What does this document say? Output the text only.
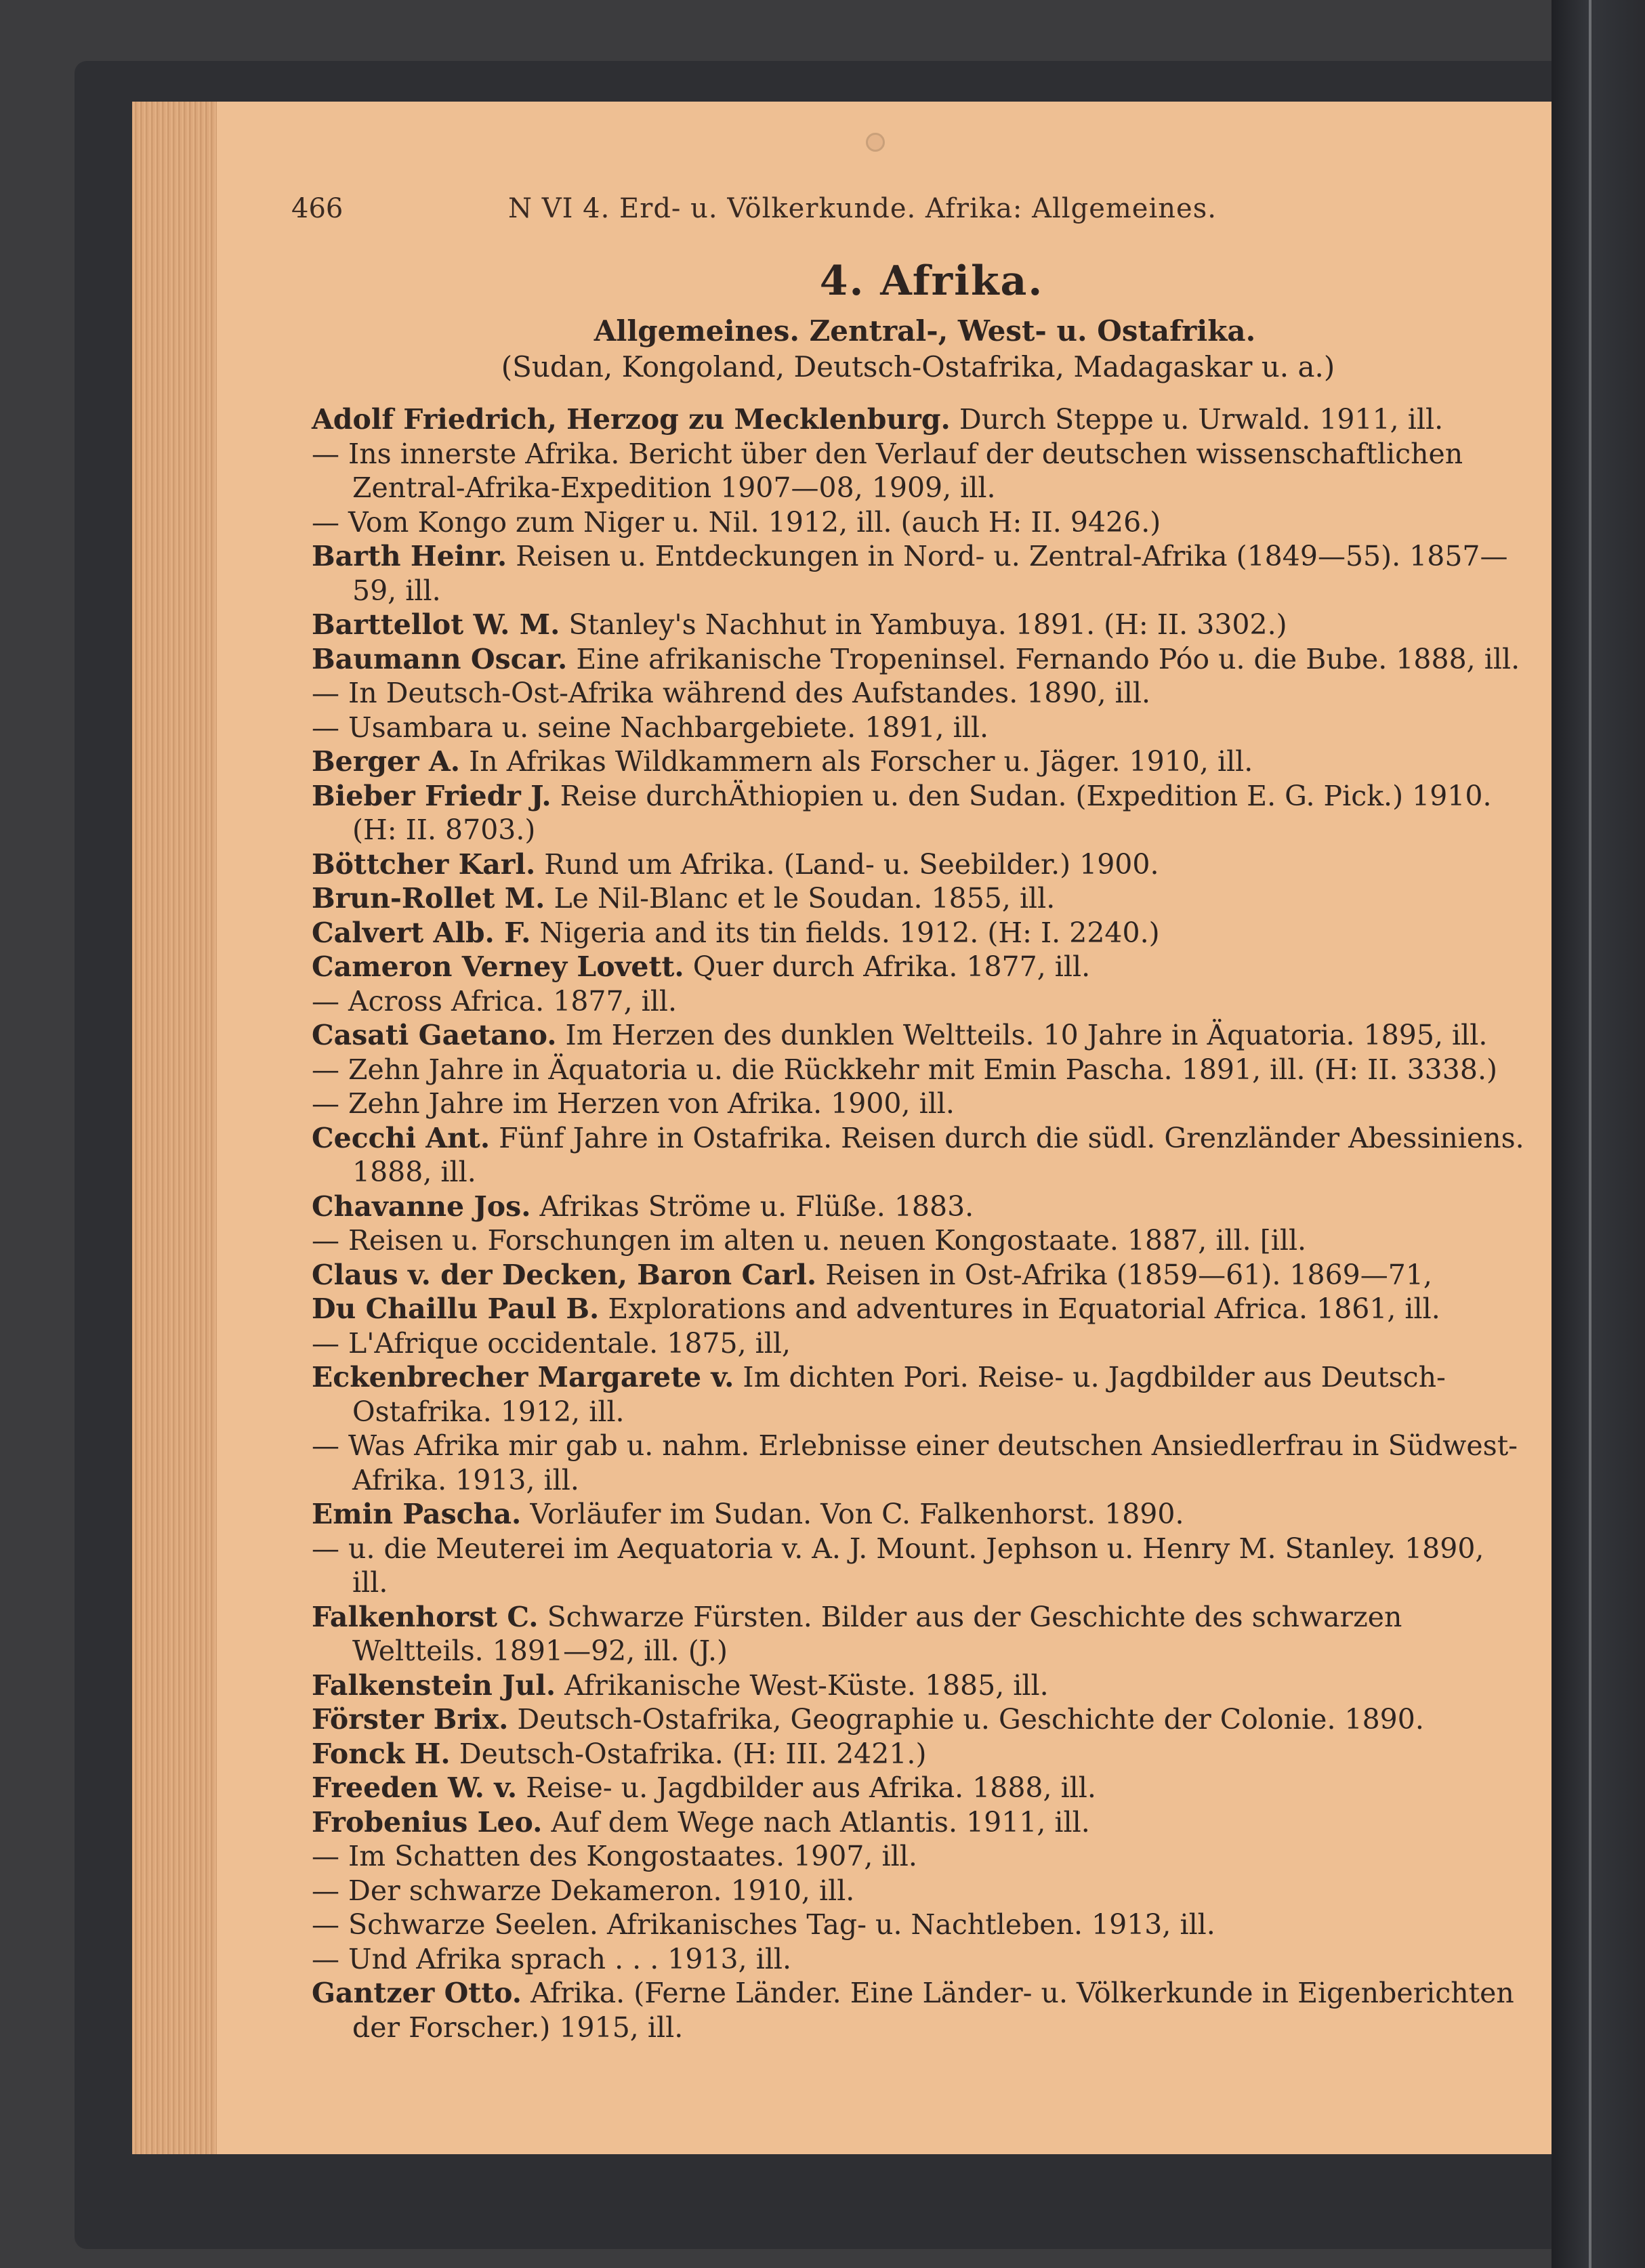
466	N VI 4. Erd- u. Völkerkunde. Afrika: Allgemeines.
4. Afrika.
Allgemeines. Zentral-, West- u. Ostafrika.
(Sudan, Kongoland, Deutsch-Ostafrika, Madagaskar u. a.)
Adolf Friedrich, Herzog zu Mecklenburg. Durch Steppe u. Urwald. 1911, ill.
— Ins innerste Afrika. Bericht über den Verlauf der deutschen wissenschaftlichen Zentral-Afrika-Expedition 1907—08, 1909, ill.
— Vom Kongo zum Niger u. Nil. 1912, ill. (auch H: II. 9426.)
Barth Heinr. Reisen u. Entdeckungen in Nord- u. Zentral-Afrika (1849—55). 1857—59, ill.
Barttellot W. M. Stanley's Nachhut in Yambuya. 1891. (H: II. 3302.)
Baumann Oscar. Eine afrikanische Tropeninsel. Fernando Póo u. die Bube. 1888, ill.
— In Deutsch-Ost-Afrika während des Aufstandes. 1890, ill.
— Usambara u. seine Nachbargebiete. 1891, ill.
Berger A. In Afrikas Wildkammern als Forscher u. Jäger. 1910, ill.
Bieber Friedr J. Reise durchÄthiopien u. den Sudan. (Expedition E. G. Pick.) 1910. (H: II. 8703.)
Böttcher Karl. Rund um Afrika. (Land- u. Seebilder.) 1900.
Brun-Rollet M. Le Nil-Blanc et le Soudan. 1855, ill.
Calvert Alb. F. Nigeria and its tin fields. 1912. (H: I. 2240.)
Cameron Verney Lovett. Quer durch Afrika. 1877, ill.
— Across Africa. 1877, ill.
Casati Gaetano. Im Herzen des dunklen Weltteils. 10 Jahre in Äquatoria. 1895, ill.
— Zehn Jahre in Äquatoria u. die Rückkehr mit Emin Pascha. 1891, ill. (H: II. 3338.)
— Zehn Jahre im Herzen von Afrika. 1900, ill.
Cecchi Ant. Fünf Jahre in Ostafrika. Reisen durch die südl. Grenzländer Abessiniens. 1888, ill.
Chavanne Jos. Afrikas Ströme u. Flüße. 1883.
— Reisen u. Forschungen im alten u. neuen Kongostaate. 1887, ill. [ill.
Claus v. der Decken, Baron Carl. Reisen in Ost-Afrika (1859—61). 1869—71,
Du Chaillu Paul B. Explorations and adventures in Equatorial Africa. 1861, ill.
— L'Afrique occidentale. 1875, ill,
Eckenbrecher Margarete v. Im dichten Pori. Reise- u. Jagdbilder aus Deutsch-Ostafrika. 1912, ill.
— Was Afrika mir gab u. nahm. Erlebnisse einer deutschen Ansiedlerfrau in Südwest-Afrika. 1913, ill.
Emin Pascha. Vorläufer im Sudan. Von C. Falkenhorst. 1890.
— u. die Meuterei im Aequatoria v. A. J. Mount. Jephson u. Henry M. Stanley. 1890, ill.
Falkenhorst C. Schwarze Fürsten. Bilder aus der Geschichte des schwarzen Weltteils. 1891—92, ill. (J.)
Falkenstein Jul. Afrikanische West-Küste. 1885, ill.
Förster Brix. Deutsch-Ostafrika, Geographie u. Geschichte der Colonie. 1890.
Fonck H. Deutsch-Ostafrika. (H: III. 2421.)
Freeden W. v. Reise- u. Jagdbilder aus Afrika. 1888, ill.
Frobenius Leo. Auf dem Wege nach Atlantis. 1911, ill.
— Im Schatten des Kongostaates. 1907, ill.
— Der schwarze Dekameron. 1910, ill.
— Schwarze Seelen. Afrikanisches Tag- u. Nachtleben. 1913, ill.
— Und Afrika sprach . . . 1913, ill.
Gantzer Otto. Afrika. (Ferne Länder. Eine Länder- u. Völkerkunde in Eigenberichten der Forscher.) 1915, ill.
